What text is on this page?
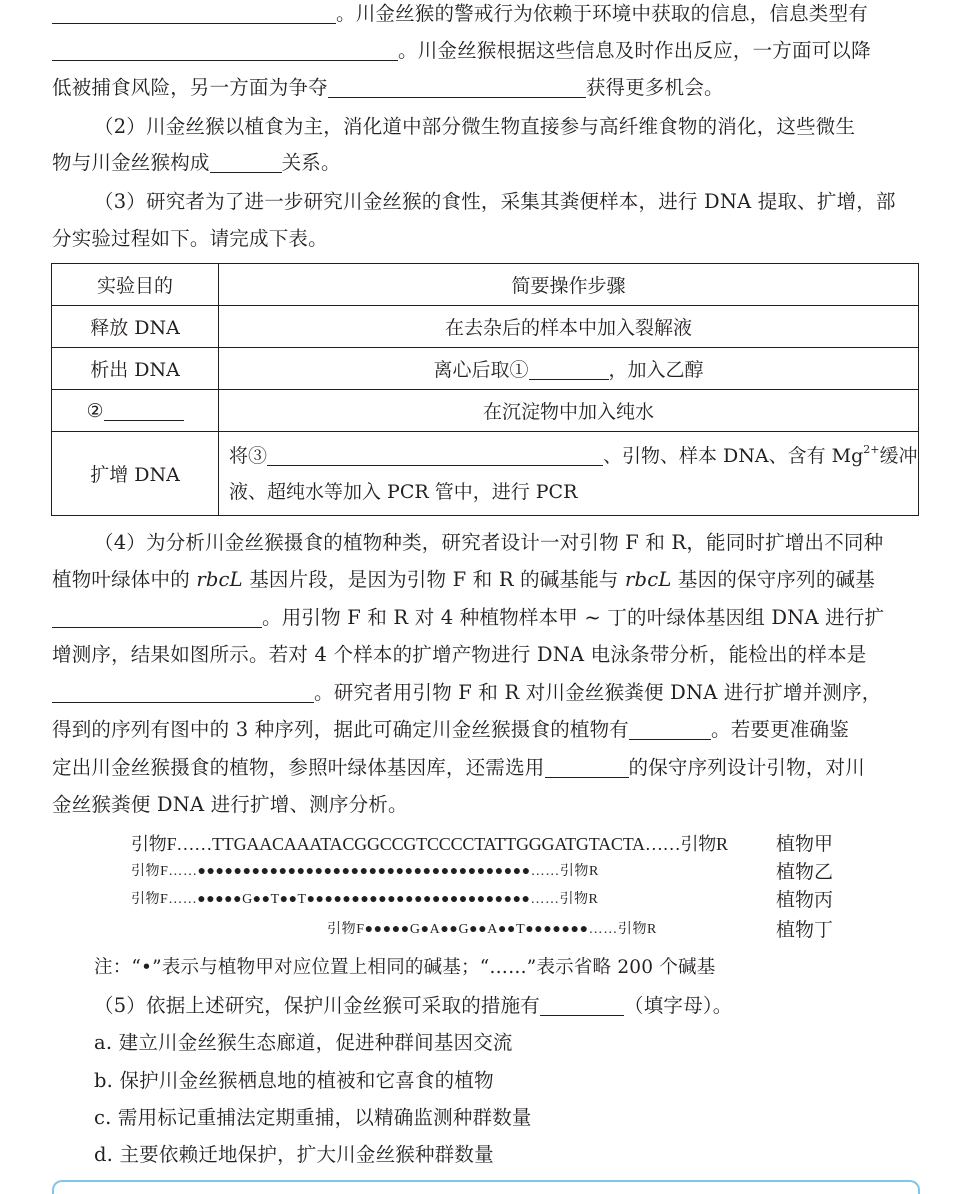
。川金丝猴的警戒行为依赖于环境中获取的信息，信息类型有
。川金丝猴根据这些信息及时作出反应，一方面可以降
低被捕食风险，另一方面为争夺	获得更多机会。
（2）川金丝猴以植食为主，消化道中部分微生物直接参与高纤维食物的消化，这些微生
物与川金丝猴构成	关系。
（3）研究者为了进一步研究川金丝猴的食性，采集其粪便样本，进行 DNA 提取、扩增，部
分实验过程如下。请完成下表。
实验目的	简要操作步骤
释放 DNA	在去杂后的样本中加入裂解液
析出 DNA	离心后取① ，加入乙醇
②	在沉淀物中加入纯水
扩增 DNA	将③ 、引物、样本 DNA、含有 $Mg^{2+}$缓冲
液、超纯水等加入 PCR 管中，进行 PCR
（4）为分析川金丝猴摄食的植物种类，研究者设计一对引物 F 和 R，能同时扩增出不同种
植物叶绿体中的 rbcL 基因片段，是因为引物 F 和 R 的碱基能与 rbcL 基因的保守序列的碱基
。用引物 F 和 R 对 4 种植物样本甲 ~ 丁的叶绿体基因组 DNA 进行扩
增测序，结果如图所示。若对 4 个样本的扩增产物进行 DNA 电泳条带分析，能检出的样本是
。研究者用引物 F 和 R 对川金丝猴粪便 DNA 进行扩增并测序，
得到的序列有图中的 3 种序列，据此可确定川金丝猴摄食的植物有	。若要更准确鉴
定出川金丝猴摄食的植物，参照叶绿体基因库，还需选用	的保守序列设计引物，对川
金丝猴粪便 DNA 进行扩增、测序分析。
引物F……TTGAACAAATACGGCCGTCCCCTATTGGGATGTACTA……引物R	植物甲
引物F……●●●●●●●●●●●●●●●●●●●●●●●●●●●●●●●●●●●●●……引物R	植物乙
引物F……●●●●●G●●T●●T●●●●●●●●●●●●●●●●●●●●●●●●●……引物R	植物丙
引物F●●●●●G●A●●G●●A●●T●●●●●●●……引物R	植物丁
注：“•”表示与植物甲对应位置上相同的碱基；“……”表示省略 200 个碱基
（5）依据上述研究，保护川金丝猴可采取的措施有	（填字母）。
a. 建立川金丝猴生态廊道，促进种群间基因交流
b. 保护川金丝猴栖息地的植被和它喜食的植物
c. 需用标记重捕法定期重捕，以精确监测种群数量
d. 主要依赖迁地保护，扩大川金丝猴种群数量
